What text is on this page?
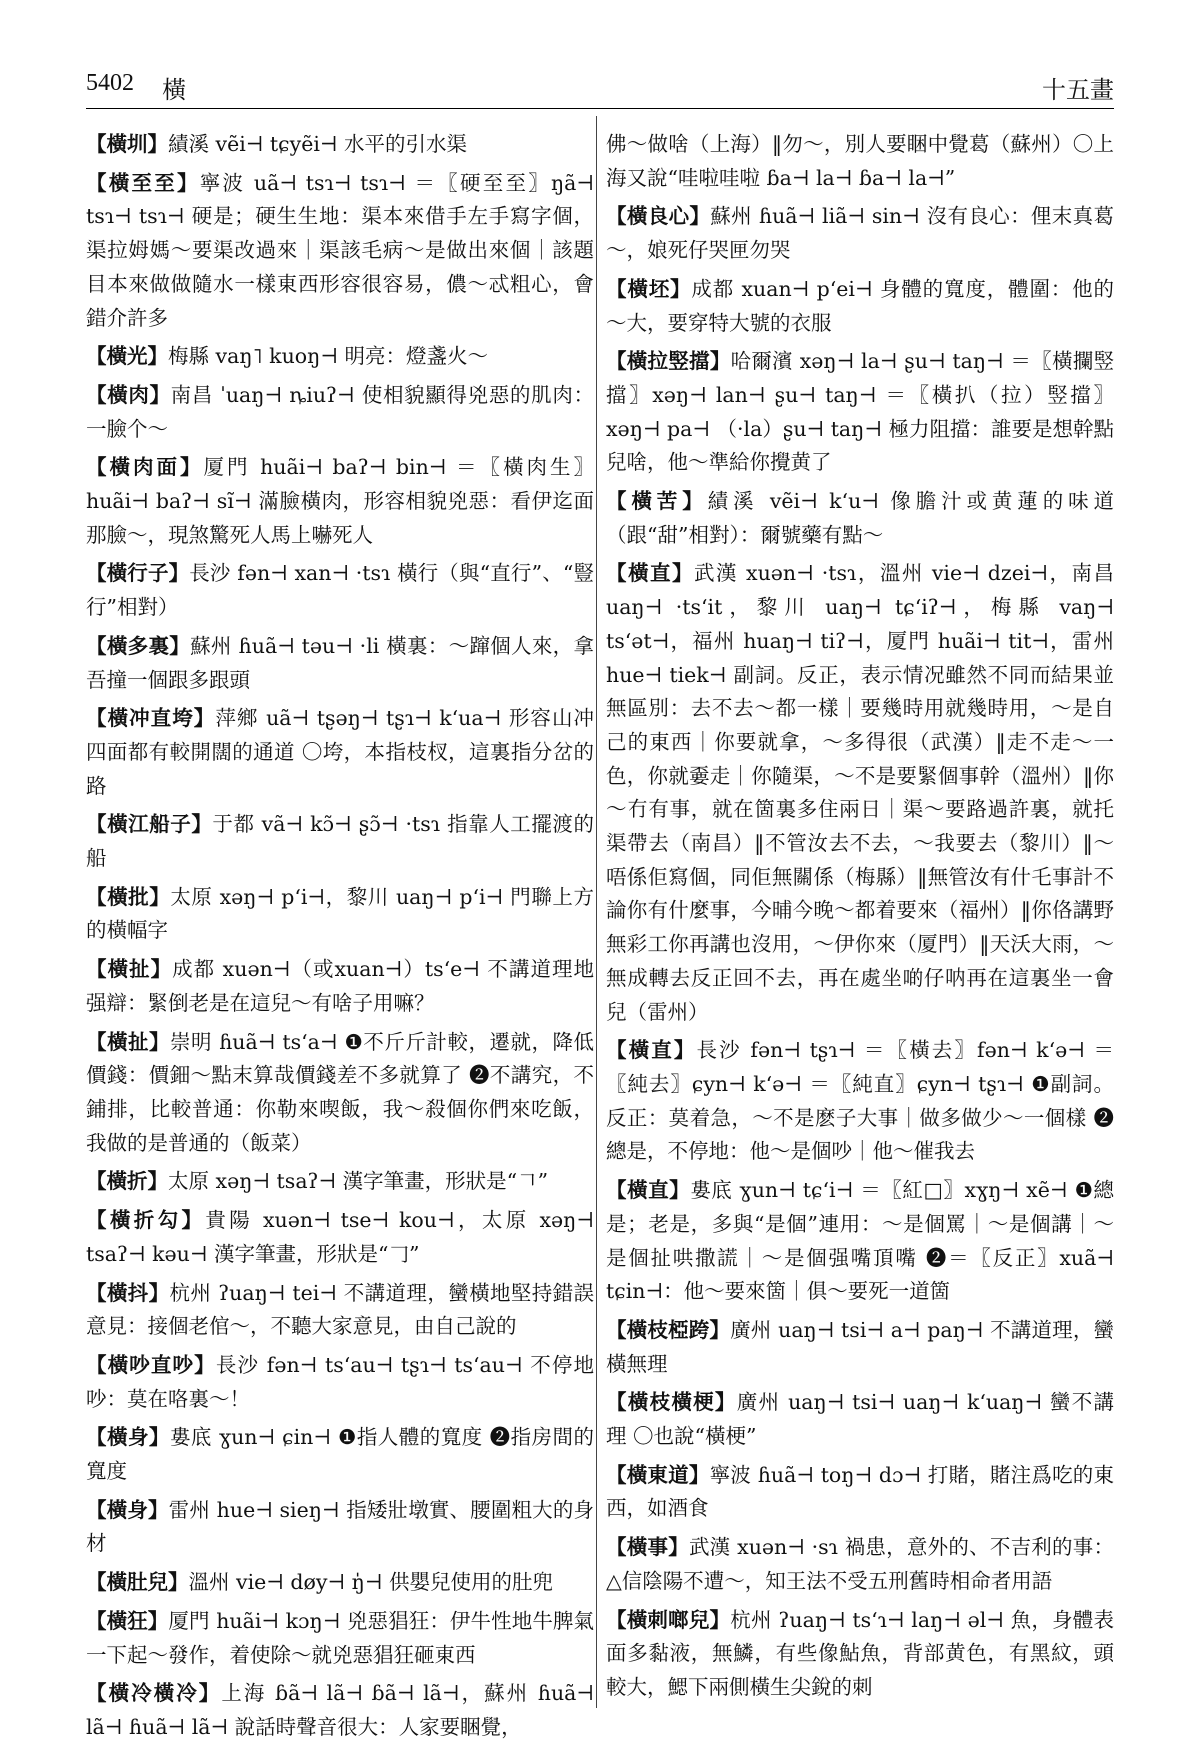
5402 橫	十五畫
【橫圳】績溪 vẽi⊣ tɕyẽi⊣ 水平的引水渠
【橫至至】寧波 uã⊣ tsɿ⊣ tsɿ⊣ ＝〖硬至至〗ŋã⊣ tsɿ⊣ tsɿ⊣ 硬是；硬生生地：渠本來借手左手寫字個，渠拉姆媽～要渠改過來｜渠該毛病～是做出來個｜該題目本來做做隨水一樣東西形容很容易，儂～忒粗心，會錯介許多
【橫光】梅縣 vaŋ˥ kuoŋ⊣ 明亮：燈盞火～
【橫肉】南昌 ˈuaŋ⊣ ȵiuʔ⊣ 使相貌顯得兇惡的肌肉：一臉个～
【橫肉面】厦門 huãi⊣ baʔ⊣ bin⊣ ＝〖橫肉生〗huãi⊣ baʔ⊣ sĩ⊣ 滿臉橫肉，形容相貌兇惡：看伊迄面那臉～，現煞驚死人馬上嚇死人
【橫行子】長沙 fən⊣ xan⊣ ·tsɿ 橫行（與“直行”、“豎行”相對）
【橫多裏】蘇州 ɦuã⊣ təu⊣ ·li 橫裏：～蹿個人來，拿吾撞一個跟多跟頭
【橫冲直垮】萍鄉 uã⊣ tʂəŋ⊣ tʂɿ⊣ kʻua⊣ 形容山冲四面都有較開闊的通道 〇垮，本指枝杈，這裏指分岔的路
【橫江船子】于都 vã⊣ kɔ̃⊣ ʂɔ̃⊣ ·tsɿ 指靠人工擺渡的船
【橫批】太原 xəŋ⊣ pʻi⊣，黎川 uaŋ⊣ pʻi⊣ 門聯上方的橫幅字
【橫扯】成都 xuən⊣（或xuan⊣）tsʻe⊣ 不講道理地强辯：緊倒老是在這兒～有啥子用嘛？
【橫扯】崇明 ɦuã⊣ tsʻa⊣ ❶不斤斤計較，遷就，降低價錢：價鈿～點末算哉價錢差不多就算了 ❷不講究，不鋪排，比較普通：你勒來喫飯，我～殺個你們來吃飯，我做的是普通的（飯菜）
【橫折】太原 xəŋ⊣ tsaʔ⊣ 漢字筆畫，形狀是“𠃍”
【橫折勾】貴陽 xuən⊣ tse⊣ kou⊣，太原 xəŋ⊣ tsaʔ⊣ kəu⊣ 漢字筆畫，形狀是“𠃌”
【橫抖】杭州 ʔuaŋ⊣ tei⊣ 不講道理，蠻橫地堅持錯誤意見：接個老倌～，不聽大家意見，由自己說的
【橫吵直吵】長沙 fən⊣ tsʻau⊣ tʂɿ⊣ tsʻau⊣ 不停地吵：莫在咯裏～！
【橫身】婁底 ɣun⊣ ɕin⊣ ❶指人體的寬度 ❷指房間的寬度
【橫身】雷州 hue⊣ sieŋ⊣ 指矮壯墩實、腰圍粗大的身材
【橫肚兒】溫州 vie⊣ døy⊣ ŋ̍⊣ 供嬰兒使用的肚兜
【橫狂】厦門 huãi⊣ kɔŋ⊣ 兇惡猖狂：伊牛性地牛脾氣一下起～發作，着使除～就兇惡猖狂砸東西
【橫冷橫冷】上海 ɓã⊣ lã⊣ ɓã⊣ lã⊣，蘇州 ɦuã⊣ lã⊣ ɦuã⊣ lã⊣ 說話時聲音很大：人家要睏覺，
佛～做啥（上海）‖勿～，別人要睏中覺葛（蘇州）〇上海又說“哇啦哇啦 ɓa⊣ la⊣ ɓa⊣ la⊣”
【橫良心】蘇州 ɦuã⊣ liã⊣ sin⊣ 沒有良心：俚末真葛～，娘死仔哭匣勿哭
【橫坯】成都 xuan⊣ pʻei⊣ 身體的寬度，體圍：他的～大，要穿特大號的衣服
【橫拉竪擋】哈爾濱 xəŋ⊣ la⊣ ʂu⊣ taŋ⊣ ＝〖橫攔竪擋〗xəŋ⊣ lan⊣ ʂu⊣ taŋ⊣ ＝〖橫扒（拉）竪擋〗xəŋ⊣ pa⊣ （·la）ʂu⊣ taŋ⊣ 極力阻擋：誰要是想幹點兒啥，他～準給你攪黄了
【橫苦】績溪 vẽi⊣ kʻu⊣ 像膽汁或黄蓮的味道（跟“甜”相對）：爾號藥有點～
【橫直】武漢 xuən⊣ ·tsɿ，溫州 vie⊣ dzei⊣，南昌 uaŋ⊣ ·tsʻit，黎川 uaŋ⊣ tɕʻiʔ⊣，梅縣 vaŋ⊣ tsʻət⊣，福州 huaŋ⊣ tiʔ⊣，厦門 huãi⊣ tit⊣，雷州 hue⊣ tiek⊣ 副詞。反正，表示情况雖然不同而結果並無區別：去不去～都一樣｜要幾時用就幾時用，～是自己的東西｜你要就拿，～多得很（武漢）‖走不走～一色，你就嫑走｜你隨渠，～不是要緊個事幹（溫州）‖你～冇有事，就在箇裏多住兩日｜渠～要路過許裏，就托渠帶去（南昌）‖不管汝去不去，～我要去（黎川）‖～唔係佢寫個，同佢無關係（梅縣）‖無管汝有什乇事計不論你有什麼事，今晡今晚～都着要來（福州）‖你佫講野無彩工你再講也沒用，～伊你來（厦門）‖天沃大雨，～無成轉去反正回不去，再在處坐啲仔呐再在這裏坐一會兒（雷州）
【橫直】長沙 fən⊣ tʂɿ⊣ ＝〖橫去〗fən⊣ kʻə⊣ ＝〖純去〗ɕyn⊣ kʻə⊣ ＝〖純直〗ɕyn⊣ tʂɿ⊣ ❶副詞。反正：莫着急，～不是麽子大事｜做多做少～一個樣 ❷總是，不停地：他～是個吵｜他～催我去
【橫直】婁底 ɣun⊣ tɕʻi⊣ ＝〖紅□〗xɣŋ⊣ xẽ⊣ ❶總是；老是，多與“是個”連用：～是個罵｜～是個講｜～是個扯哄撒謊｜～是個强嘴頂嘴 ❷＝〖反正〗xuã⊣ tɕin⊣：他～要來箇｜俱～要死一道箇
【橫枝椏跨】廣州 uaŋ⊣ tsi⊣ a⊣ paŋ⊣ 不講道理，蠻橫無理
【橫枝橫梗】廣州 uaŋ⊣ tsi⊣ uaŋ⊣ kʻuaŋ⊣ 蠻不講理 〇也說“橫梗”
【橫東道】寧波 ɦuã⊣ toŋ⊣ dɔ⊣ 打賭，賭注爲吃的東西，如酒食
【橫事】武漢 xuən⊣ ·sɿ 禍患，意外的、不吉利的事：△信陰陽不遭～，知王法不受五刑舊時相命者用語
【橫刺啷兒】杭州 ʔuaŋ⊣ tsʻɿ⊣ laŋ⊣ əl⊣ 魚，身體表面多黏液，無鱗，有些像鮎魚，背部黄色，有黑紋，頭較大，鰓下兩側橫生尖銳的刺
